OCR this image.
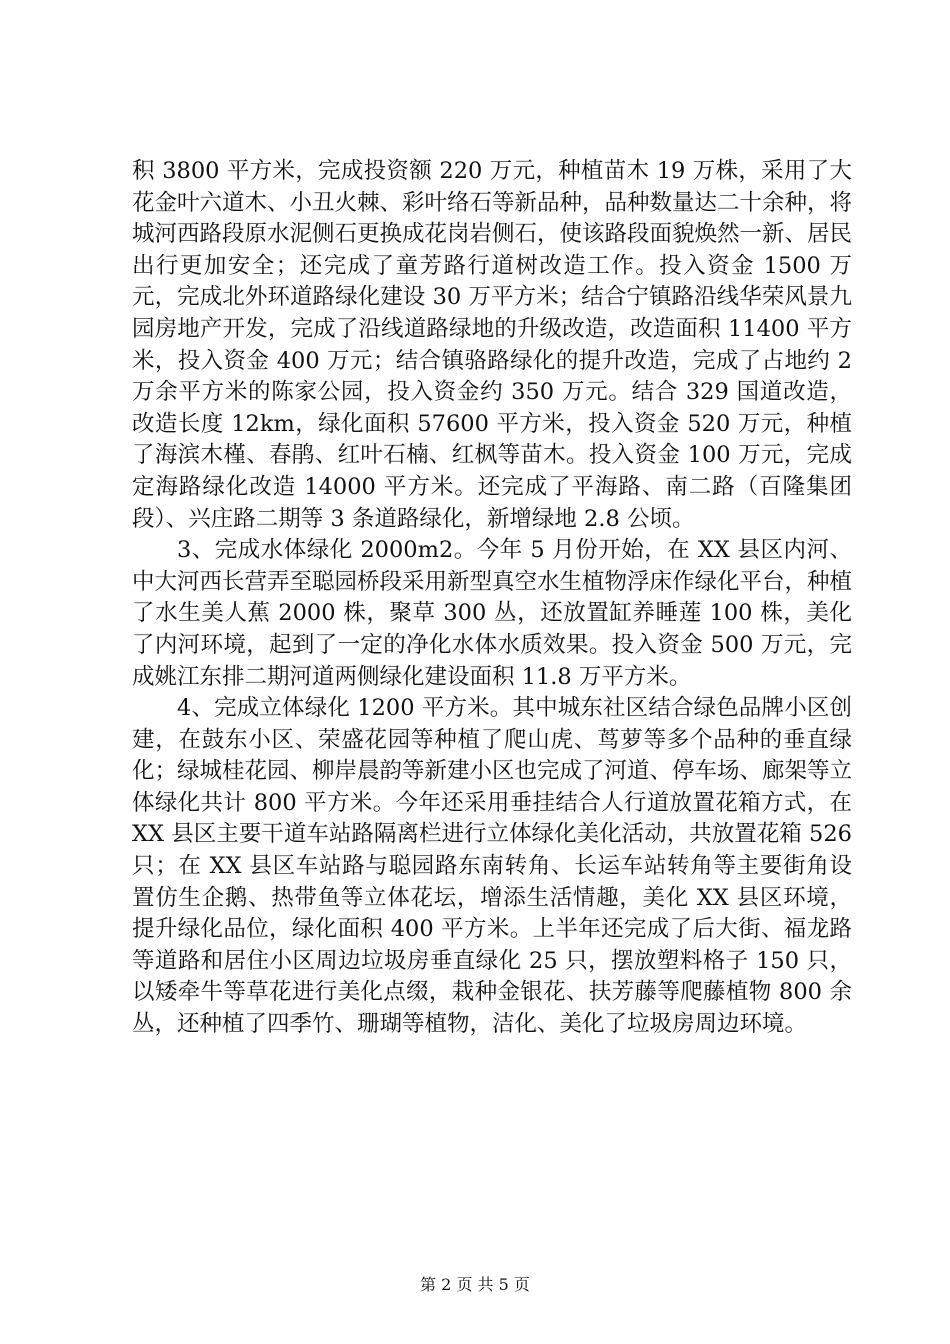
积 3800 平方米，完成投资额 220 万元，种植苗木 19 万株，采用了大花金叶六道木、小丑火棘、彩叶络石等新品种，品种数量达二十余种，将城河西路段原水泥侧石更换成花岗岩侧石，使该路段面貌焕然一新、居民出行更加安全；还完成了童芳路行道树改造工作。投入资金 1500 万元，完成北外环道路绿化建设 30 万平方米；结合宁镇路沿线华荣风景九园房地产开发，完成了沿线道路绿地的升级改造，改造面积 11400 平方米，投入资金 400 万元；结合镇骆路绿化的提升改造，完成了占地约 2 万余平方米的陈家公园，投入资金约 350 万元。结合 329 国道改造，改造长度 12km，绿化面积 57600 平方米，投入资金 520 万元，种植了海滨木槿、春鹃、红叶石楠、红枫等苗木。投入资金 100 万元，完成定海路绿化改造 14000 平方米。还完成了平海路、南二路（百隆集团段）、兴庄路二期等 3 条道路绿化，新增绿地 2.8 公顷。

3、完成水体绿化 2000m2。今年 5 月份开始，在 XX 县区内河、中大河西长营弄至聪园桥段采用新型真空水生植物浮床作绿化平台，种植了水生美人蕉 2000 株，聚草 300 丛，还放置缸养睡莲 100 株，美化了内河环境，起到了一定的净化水体水质效果。投入资金 500 万元，完成姚江东排二期河道两侧绿化建设面积 11.8 万平方米。

4、完成立体绿化 1200 平方米。其中城东社区结合绿色品牌小区创建，在鼓东小区、荣盛花园等种植了爬山虎、茑萝等多个品种的垂直绿化；绿城桂花园、柳岸晨韵等新建小区也完成了河道、停车场、廊架等立体绿化共计 800 平方米。今年还采用垂挂结合人行道放置花箱方式，在 XX 县区主要干道车站路隔离栏进行立体绿化美化活动，共放置花箱 526 只；在 XX 县区车站路与聪园路东南转角、长运车站转角等主要街角设置仿生企鹅、热带鱼等立体花坛，增添生活情趣，美化 XX 县区环境，提升绿化品位，绿化面积 400 平方米。上半年还完成了后大街、福龙路等道路和居住小区周边垃圾房垂直绿化 25 只，摆放塑料格子 150 只，以矮牵牛等草花进行美化点缀，栽种金银花、扶芳藤等爬藤植物 800 余丛，还种植了四季竹、珊瑚等植物，洁化、美化了垃圾房周边环境。

第 2 页 共 5 页
